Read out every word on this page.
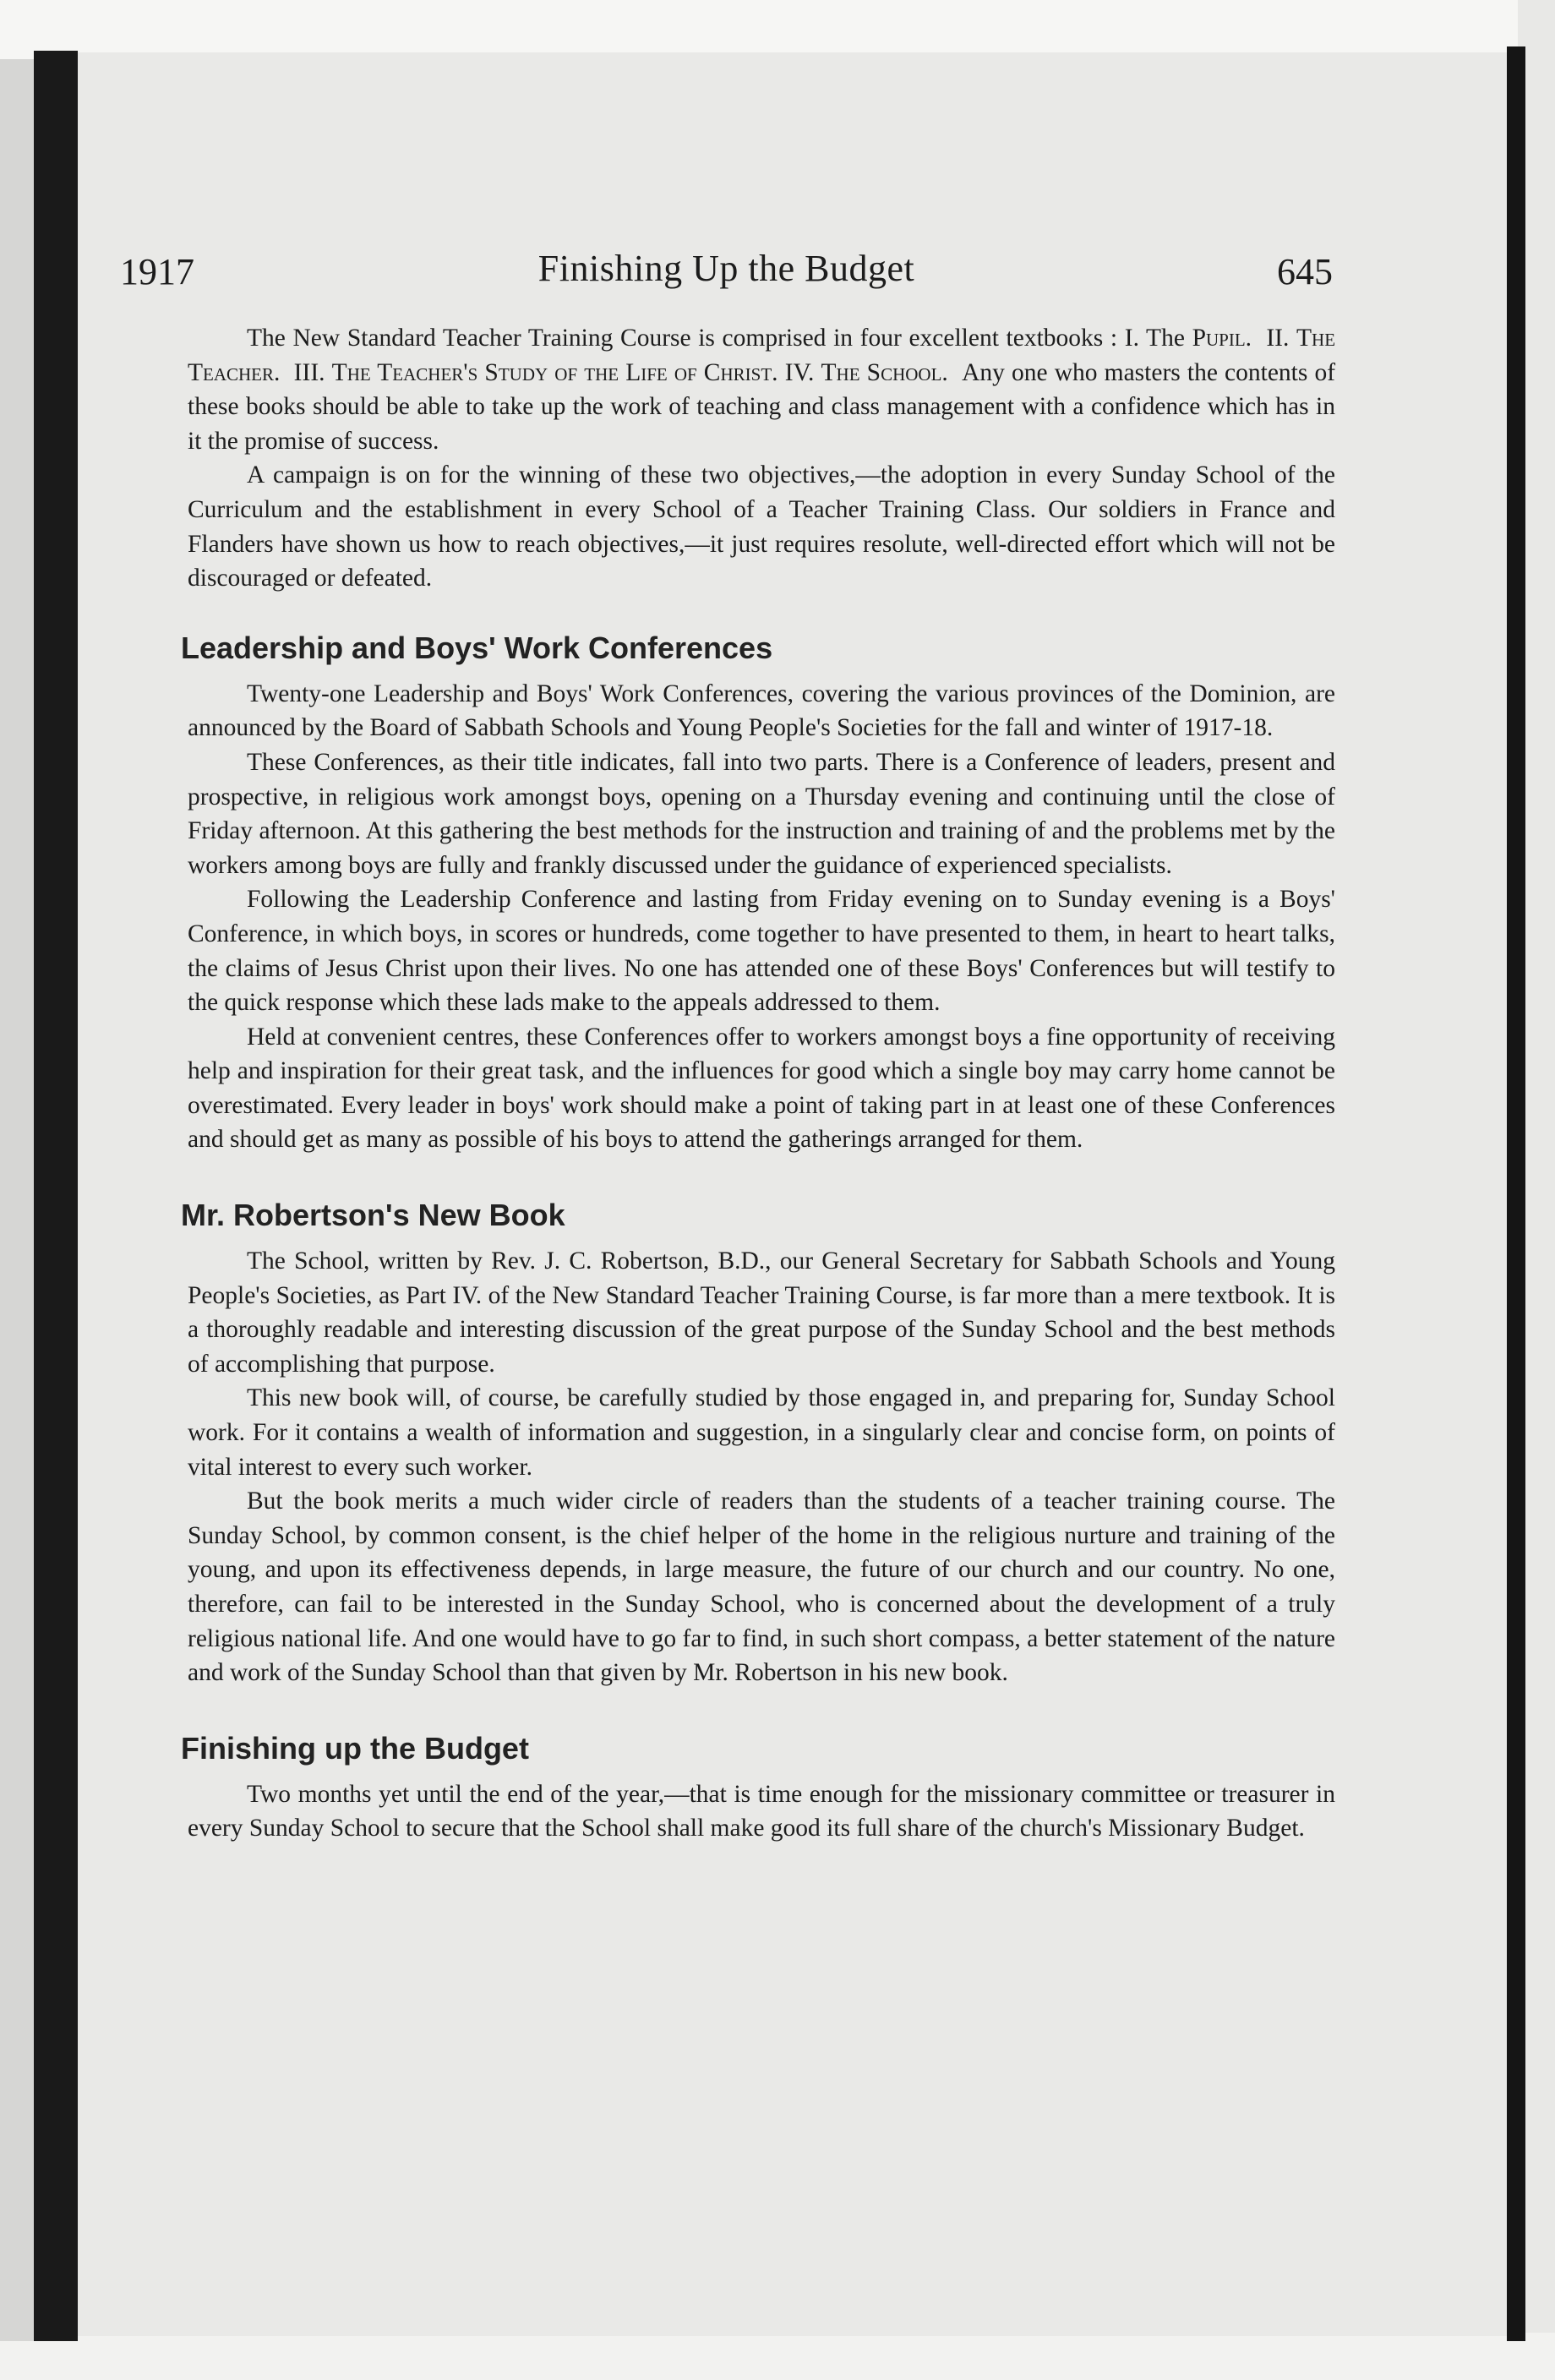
1917	Finishing Up the Budget	645

The New Standard Teacher Training Course is comprised in four excellent textbooks : I. The Pupil. II. The Teacher. III. The Teacher's Study of the Life of Christ. IV. The School. Any one who masters the contents of these books should be able to take up the work of teaching and class management with a confidence which has in it the promise of success.

A campaign is on for the winning of these two objectives,—the adoption in every Sunday School of the Curriculum and the establishment in every School of a Teacher Training Class. Our soldiers in France and Flanders have shown us how to reach objectives,—it just requires resolute, well-directed effort which will not be discouraged or defeated.

Leadership and Boys' Work Conferences

Twenty-one Leadership and Boys' Work Conferences, covering the various provinces of the Dominion, are announced by the Board of Sabbath Schools and Young People's Societies for the fall and winter of 1917-18.

These Conferences, as their title indicates, fall into two parts. There is a Conference of leaders, present and prospective, in religious work amongst boys, opening on a Thursday evening and continuing until the close of Friday afternoon. At this gathering the best methods for the instruction and training of and the problems met by the workers among boys are fully and frankly discussed under the guidance of experienced specialists.

Following the Leadership Conference and lasting from Friday evening on to Sunday evening is a Boys' Conference, in which boys, in scores or hundreds, come together to have presented to them, in heart to heart talks, the claims of Jesus Christ upon their lives. No one has attended one of these Boys' Conferences but will testify to the quick response which these lads make to the appeals addressed to them.

Held at convenient centres, these Conferences offer to workers amongst boys a fine opportunity of receiving help and inspiration for their great task, and the influences for good which a single boy may carry home cannot be overestimated. Every leader in boys' work should make a point of taking part in at least one of these Conferences and should get as many as possible of his boys to attend the gatherings arranged for them.

Mr. Robertson's New Book

The School, written by Rev. J. C. Robertson, B.D., our General Secretary for Sabbath Schools and Young People's Societies, as Part IV. of the New Standard Teacher Training Course, is far more than a mere textbook. It is a thoroughly readable and interesting discussion of the great purpose of the Sunday School and the best methods of accomplishing that purpose.

This new book will, of course, be carefully studied by those engaged in, and preparing for, Sunday School work. For it contains a wealth of information and suggestion, in a singularly clear and concise form, on points of vital interest to every such worker.

But the book merits a much wider circle of readers than the students of a teacher training course. The Sunday School, by common consent, is the chief helper of the home in the religious nurture and training of the young, and upon its effectiveness depends, in large measure, the future of our church and our country. No one, therefore, can fail to be interested in the Sunday School, who is concerned about the development of a truly religious national life. And one would have to go far to find, in such short compass, a better statement of the nature and work of the Sunday School than that given by Mr. Robertson in his new book.

Finishing up the Budget

Two months yet until the end of the year,—that is time enough for the missionary committee or treasurer in every Sunday School to secure that the School shall make good its full share of the church's Missionary Budget.
